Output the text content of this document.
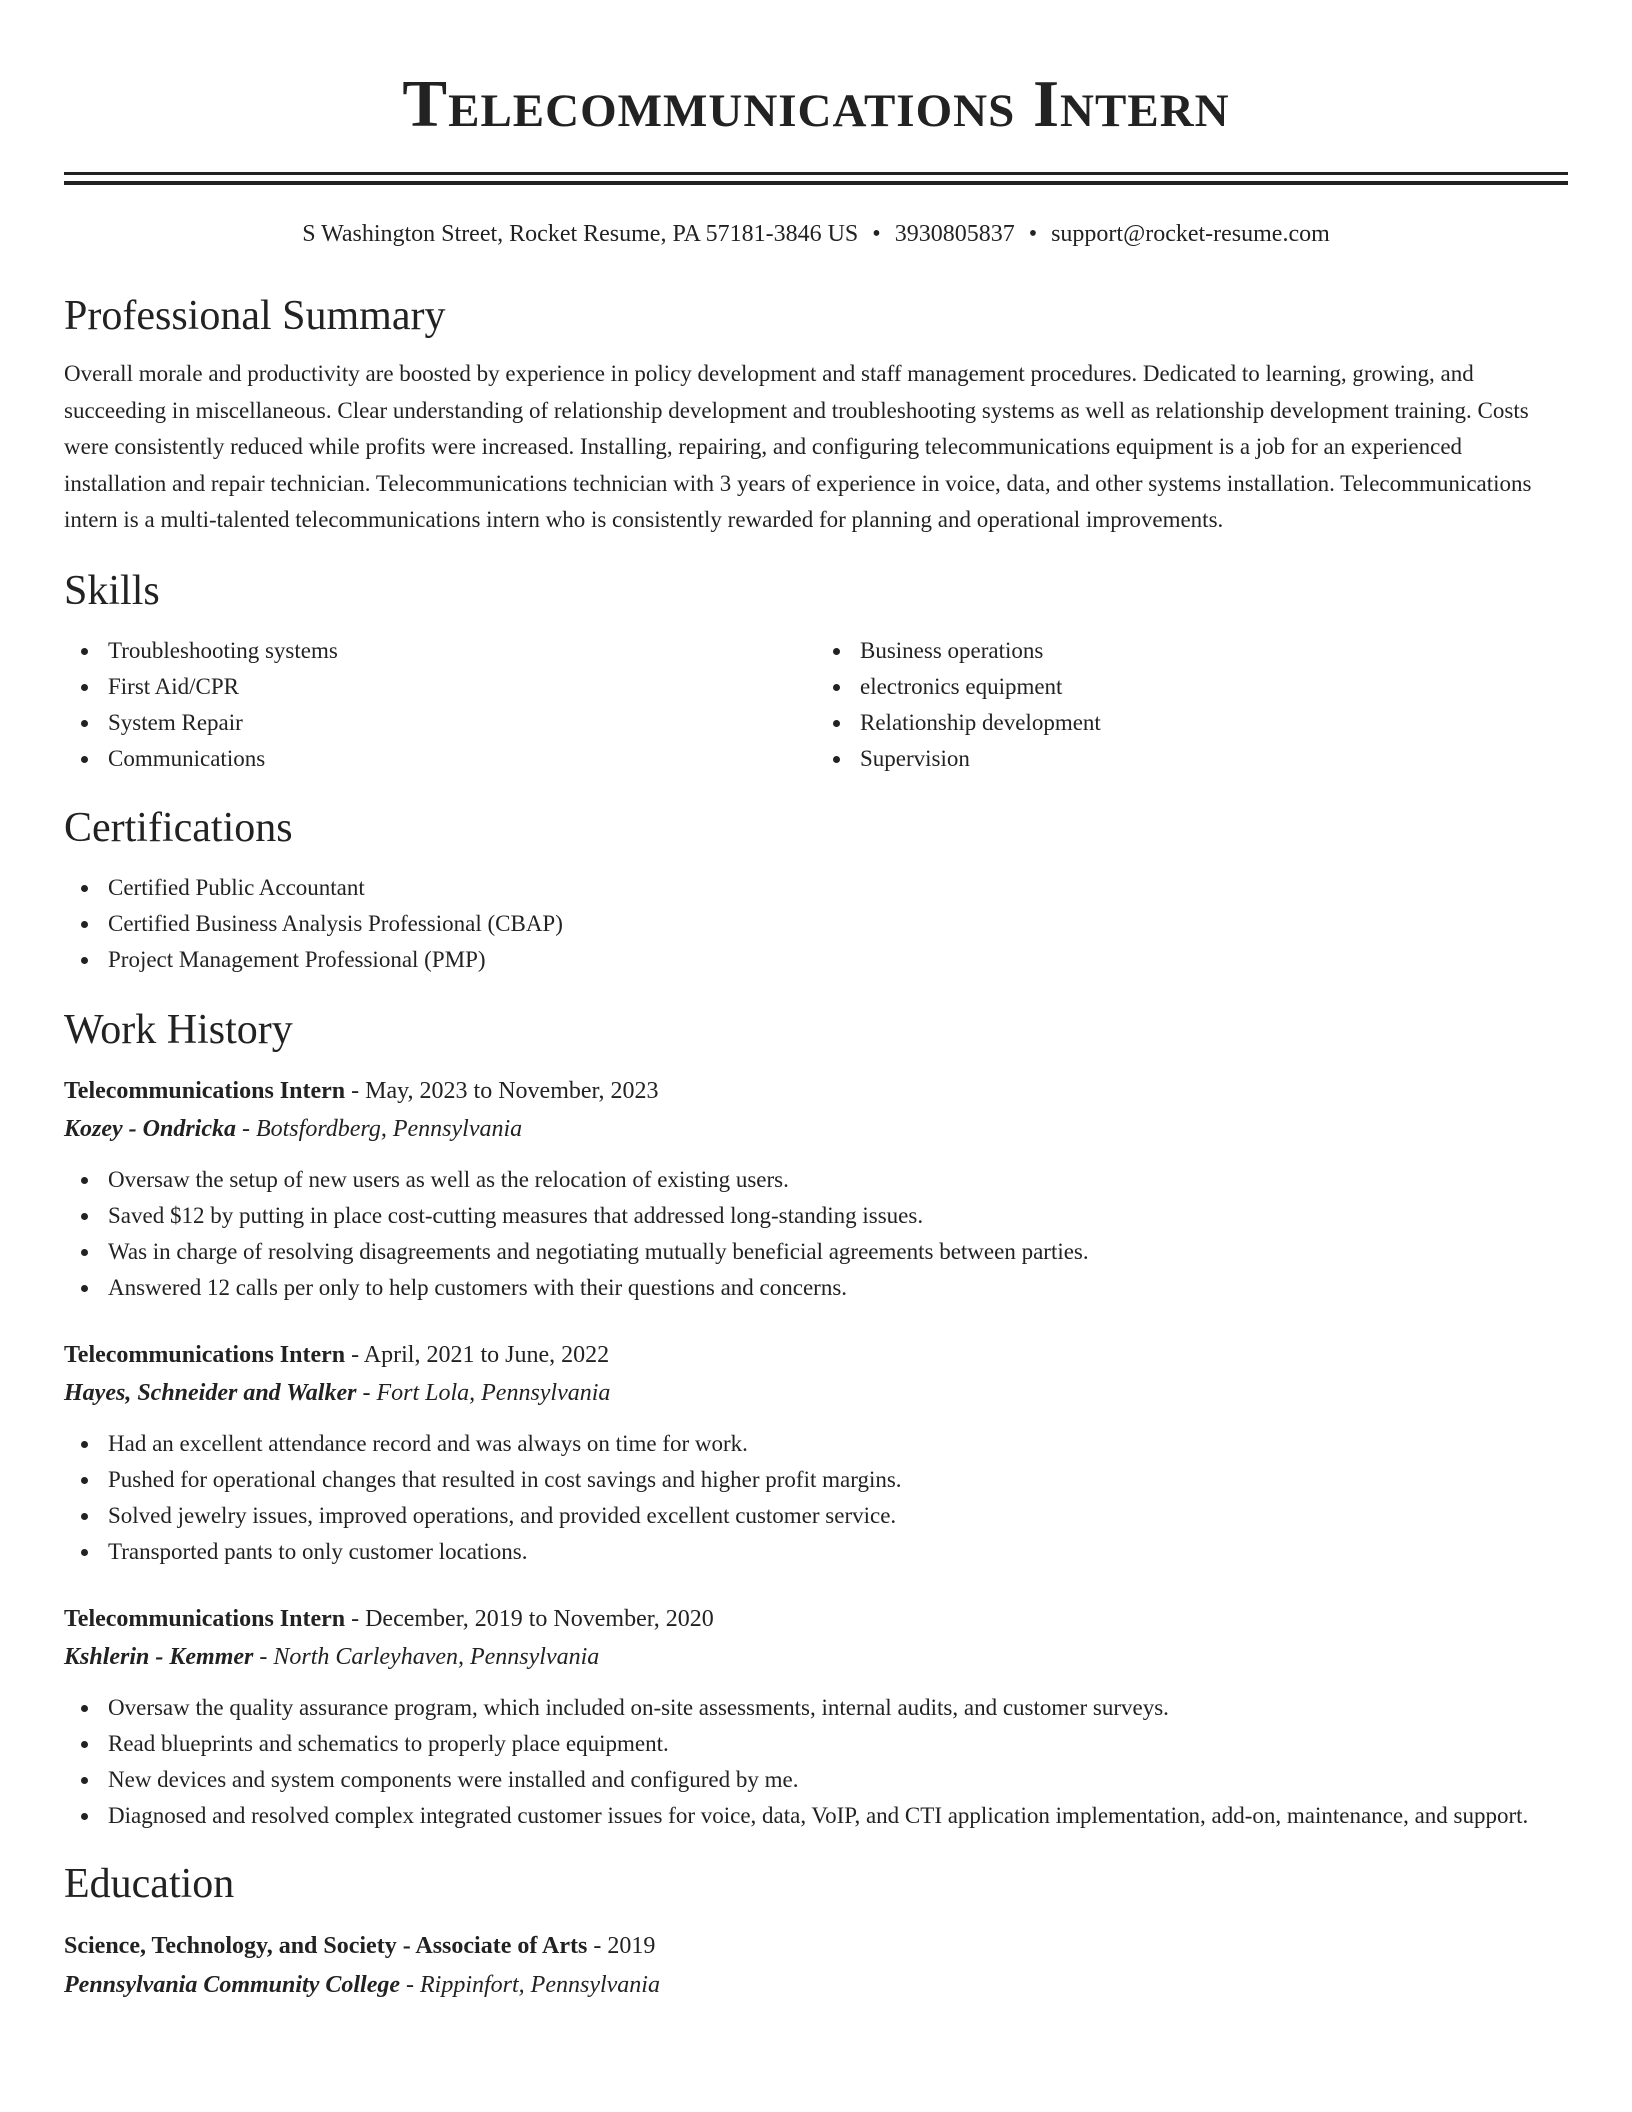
Telecommunications Intern
S Washington Street, Rocket Resume, PA 57181-3846 US • 3930805837 • support@rocket-resume.com
Professional Summary
Overall morale and productivity are boosted by experience in policy development and staff management procedures. Dedicated to learning, growing, and succeeding in miscellaneous. Clear understanding of relationship development and troubleshooting systems as well as relationship development training. Costs were consistently reduced while profits were increased. Installing, repairing, and configuring telecommunications equipment is a job for an experienced installation and repair technician. Telecommunications technician with 3 years of experience in voice, data, and other systems installation. Telecommunications intern is a multi-talented telecommunications intern who is consistently rewarded for planning and operational improvements.
Skills
Troubleshooting systems
First Aid/CPR
System Repair
Communications
Business operations
electronics equipment
Relationship development
Supervision
Certifications
Certified Public Accountant
Certified Business Analysis Professional (CBAP)
Project Management Professional (PMP)
Work History
Telecommunications Intern - May, 2023 to November, 2023
Kozey - Ondricka - Botsfordberg, Pennsylvania
Oversaw the setup of new users as well as the relocation of existing users.
Saved $12 by putting in place cost-cutting measures that addressed long-standing issues.
Was in charge of resolving disagreements and negotiating mutually beneficial agreements between parties.
Answered 12 calls per only to help customers with their questions and concerns.
Telecommunications Intern - April, 2021 to June, 2022
Hayes, Schneider and Walker - Fort Lola, Pennsylvania
Had an excellent attendance record and was always on time for work.
Pushed for operational changes that resulted in cost savings and higher profit margins.
Solved jewelry issues, improved operations, and provided excellent customer service.
Transported pants to only customer locations.
Telecommunications Intern - December, 2019 to November, 2020
Kshlerin - Kemmer - North Carleyhaven, Pennsylvania
Oversaw the quality assurance program, which included on-site assessments, internal audits, and customer surveys.
Read blueprints and schematics to properly place equipment.
New devices and system components were installed and configured by me.
Diagnosed and resolved complex integrated customer issues for voice, data, VoIP, and CTI application implementation, add-on, maintenance, and support.
Education
Science, Technology, and Society - Associate of Arts - 2019
Pennsylvania Community College - Rippinfort, Pennsylvania
